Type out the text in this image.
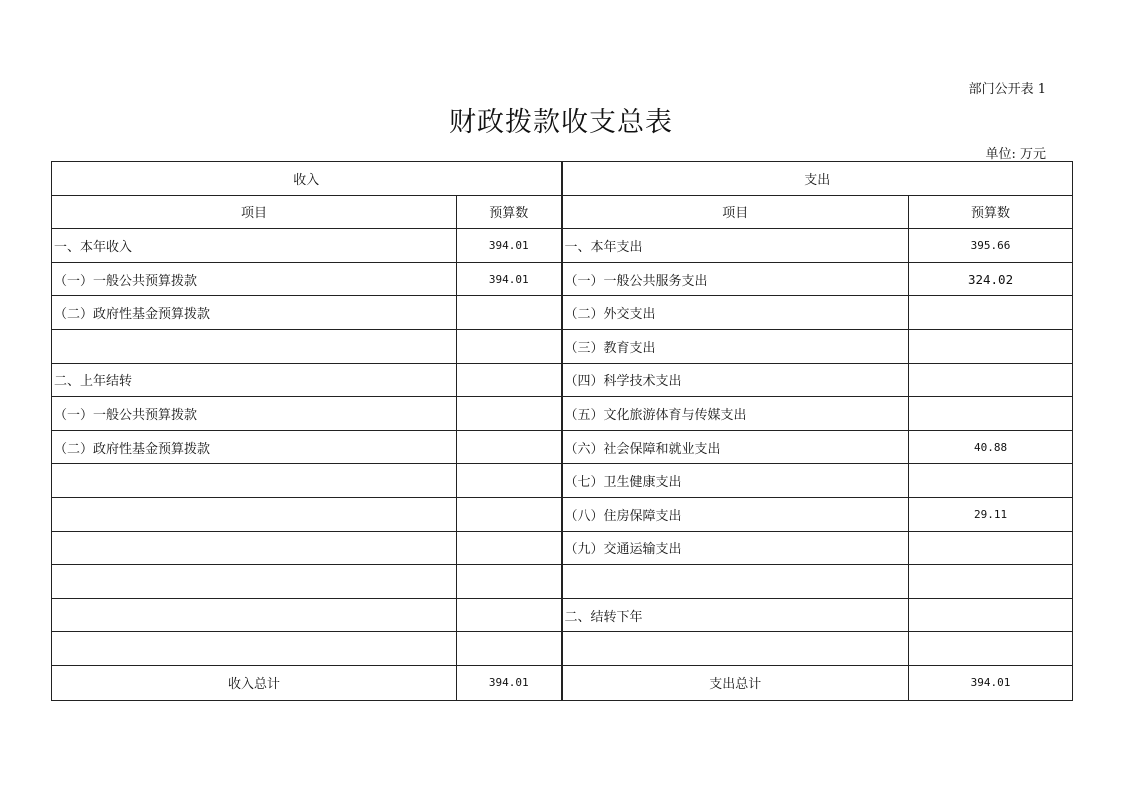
部门公开表 1
财政拨款收支总表
单位: 万元
收入		支出	
项目	预算数	项目	预算数
一、本年收入	394.01	一、本年支出	395.66
（一）一般公共预算拨款	394.01	（一）一般公共服务支出	324.02
（二）政府性基金预算拨款		（二）外交支出	
		（三）教育支出	
二、上年结转		（四）科学技术支出	
（一）一般公共预算拨款		（五）文化旅游体育与传媒支出	
（二）政府性基金预算拨款		（六）社会保障和就业支出	40.88
		（七）卫生健康支出	
		（八）住房保障支出	29.11
		（九）交通运输支出	

		二、结转下年	

收入总计	394.01	支出总计	394.01
